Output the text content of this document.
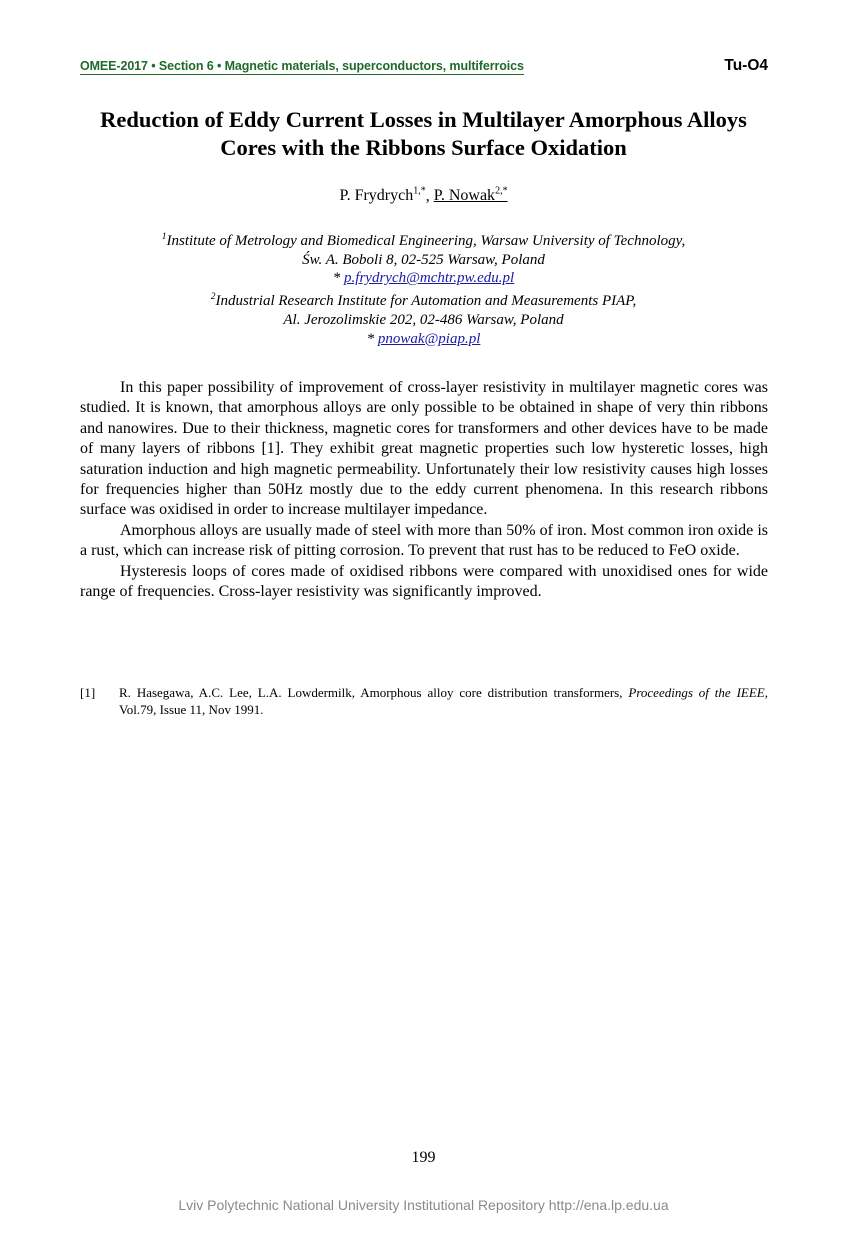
OMEE-2017 • Section 6 • Magnetic materials, superconductors, multiferroics	Tu-O4
Reduction of Eddy Current Losses in Multilayer Amorphous Alloys
Cores with the Ribbons Surface Oxidation
P. Frydrych$^{1,*}$, P. Nowak$^{2,*}$
$^1$Institute of Metrology and Biomedical Engineering, Warsaw University of Technology,
Św. A. Boboli 8, 02-525 Warsaw, Poland
* p.frydrych@mchtr.pw.edu.pl
$^2$Industrial Research Institute for Automation and Measurements PIAP,
Al. Jerozolimskie 202, 02-486 Warsaw, Poland
* pnowak@piap.pl

In this paper possibility of improvement of cross-layer resistivity in multilayer magnetic cores was studied. It is known, that amorphous alloys are only possible to be obtained in shape of very thin ribbons and nanowires. Due to their thickness, magnetic cores for transformers and other devices have to be made of many layers of ribbons [1]. They exhibit great magnetic properties such low hysteretic losses, high saturation induction and high magnetic permeability. Unfortunately their low resistivity causes high losses for frequencies higher than 50Hz mostly due to the eddy current phenomena. In this research ribbons surface was oxidised in order to increase multilayer impedance.

Amorphous alloys are usually made of steel with more than 50% of iron. Most common iron oxide is a rust, which can increase risk of pitting corrosion. To prevent that rust has to be reduced to FeO oxide.

Hysteresis loops of cores made of oxidised ribbons were compared with unoxidised ones for wide range of frequencies. Cross-layer resistivity was significantly improved.

[1] R. Hasegawa, A.C. Lee, L.A. Lowdermilk, Amorphous alloy core distribution transformers, Proceedings of the IEEE, Vol.79, Issue 11, Nov 1991.
199
Lviv Polytechnic National University Institutional Repository http://ena.lp.edu.ua
